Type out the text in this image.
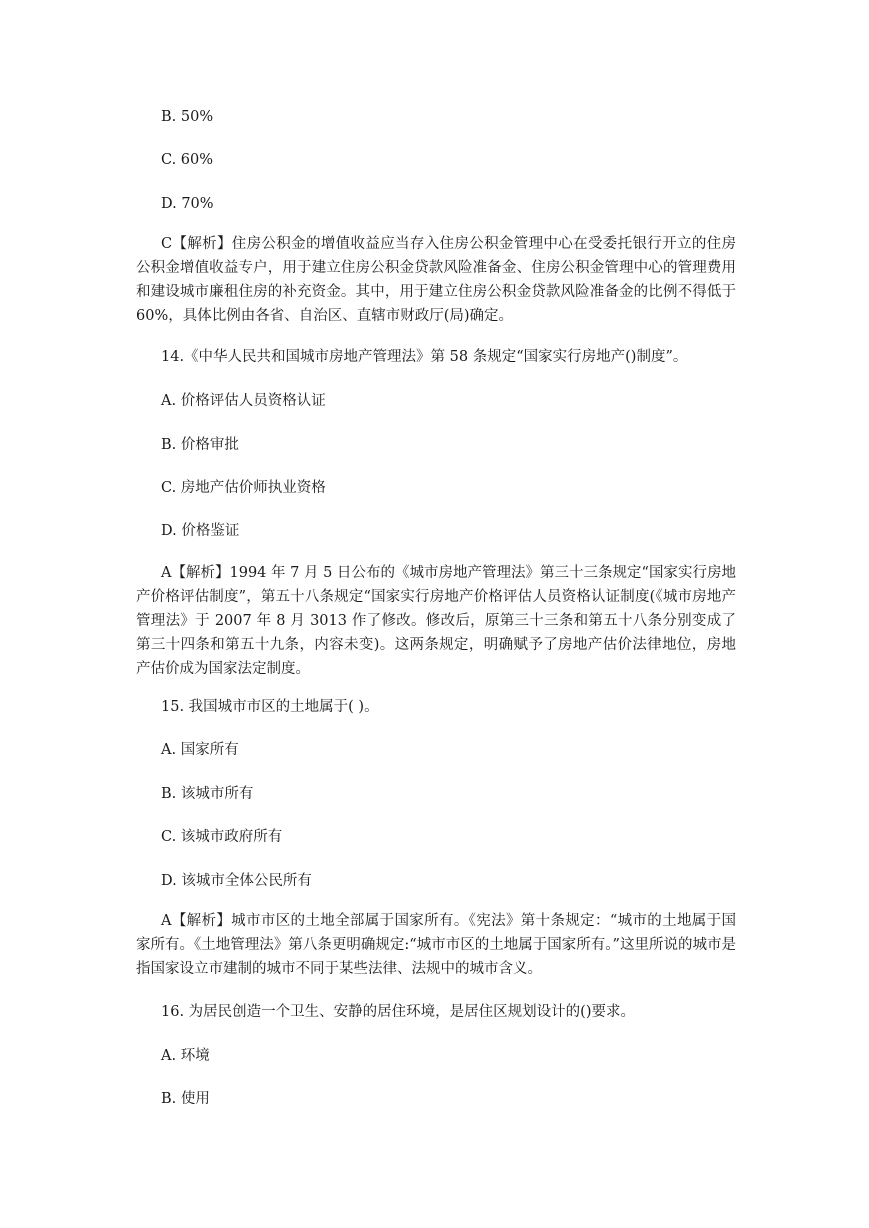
B. 50%

C. 60%

D. 70%

C【解析】住房公积金的增值收益应当存入住房公积金管理中心在受委托银行开立的住房公积金增值收益专户，用于建立住房公积金贷款风险准备金、住房公积金管理中心的管理费用和建设城市廉租住房的补充资金。其中，用于建立住房公积金贷款风险准备金的比例不得低于 60%，具体比例由各省、自治区、直辖市财政厅(局)确定。

14.《中华人民共和国城市房地产管理法》第 58 条规定“国家实行房地产()制度”。

A. 价格评估人员资格认证

B. 价格审批

C. 房地产估价师执业资格

D. 价格鉴证

A【解析】1994 年 7 月 5 日公布的《城市房地产管理法》第三十三条规定“国家实行房地产价格评估制度”，第五十八条规定“国家实行房地产价格评估人员资格认证制度(《城市房地产管理法》于 2007 年 8 月 3013 作了修改。修改后，原第三十三条和第五十八条分别变成了第三十四条和第五十九条，内容未变)。这两条规定，明确赋予了房地产估价法律地位，房地产估价成为国家法定制度。

15. 我国城市市区的土地属于( )。

A. 国家所有

B. 该城市所有

C. 该城市政府所有

D. 该城市全体公民所有

A【解析】城市市区的土地全部属于国家所有。《宪法》第十条规定：“城市的土地属于国家所有。《土地管理法》第八条更明确规定:“城市市区的土地属于国家所有。”这里所说的城市是指国家设立市建制的城市不同于某些法律、法规中的城市含义。

16. 为居民创造一个卫生、安静的居住环境，是居住区规划设计的()要求。

A. 环境

B. 使用
